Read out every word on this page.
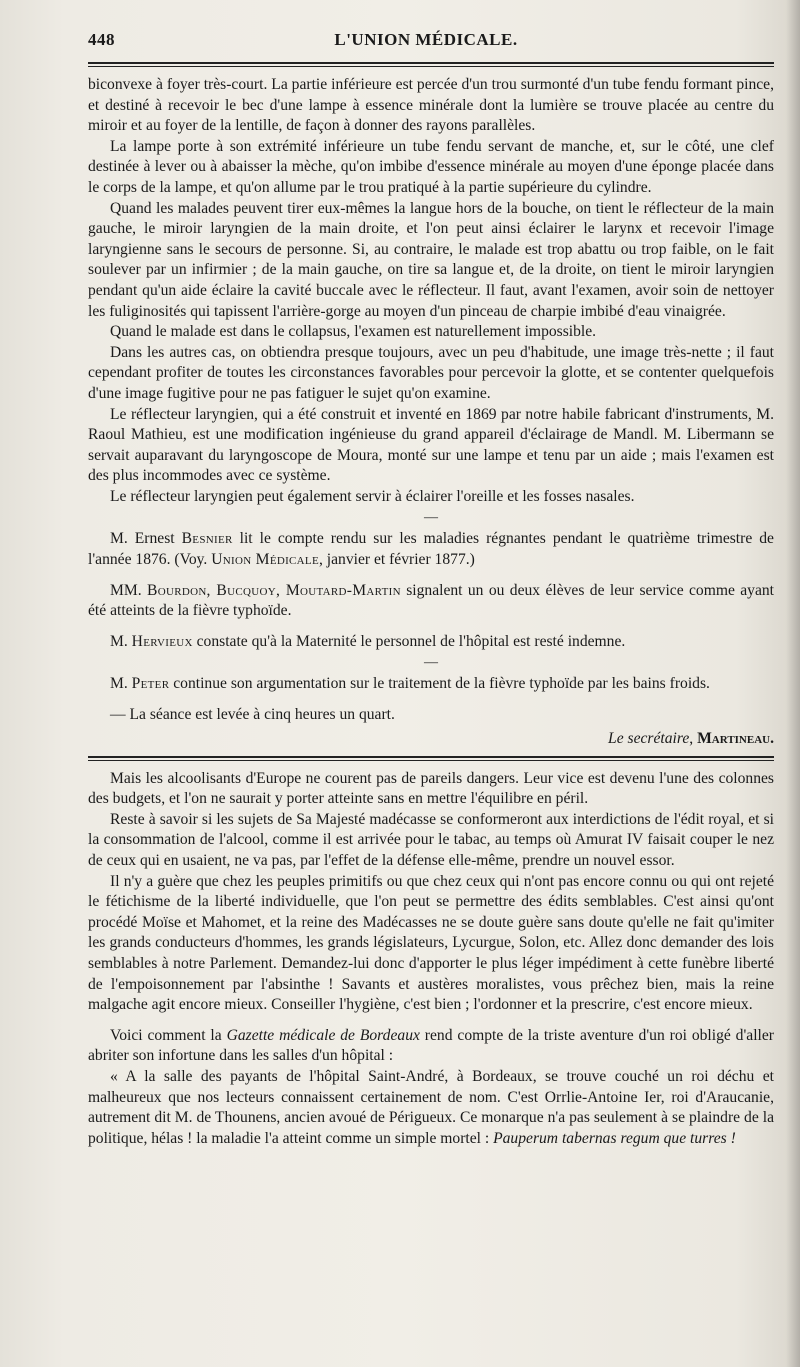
448	L'UNION MÉDICALE.

biconvexe à foyer très-court. La partie inférieure est percée d'un trou surmonté d'un tube fendu formant pince, et destiné à recevoir le bec d'une lampe à essence minérale dont la lumière se trouve placée au centre du miroir et au foyer de la lentille, de façon à donner des rayons parallèles.

La lampe porte à son extrémité inférieure un tube fendu servant de manche, et, sur le côté, une clef destinée à lever ou à abaisser la mèche, qu'on imbibe d'essence minérale au moyen d'une éponge placée dans le corps de la lampe, et qu'on allume par le trou pratiqué à la partie supérieure du cylindre.

Quand les malades peuvent tirer eux-mêmes la langue hors de la bouche, on tient le réflecteur de la main gauche, le miroir laryngien de la main droite, et l'on peut ainsi éclairer le larynx et recevoir l'image laryngienne sans le secours de personne. Si, au contraire, le malade est trop abattu ou trop faible, on le fait soulever par un infirmier ; de la main gauche, on tire sa langue et, de la droite, on tient le miroir laryngien pendant qu'un aide éclaire la cavité buccale avec le réflecteur. Il faut, avant l'examen, avoir soin de nettoyer les fuliginosités qui tapissent l'arrière-gorge au moyen d'un pinceau de charpie imbibé d'eau vinaigrée.

Quand le malade est dans le collapsus, l'examen est naturellement impossible.

Dans les autres cas, on obtiendra presque toujours, avec un peu d'habitude, une image très-nette ; il faut cependant profiter de toutes les circonstances favorables pour percevoir la glotte, et se contenter quelquefois d'une image fugitive pour ne pas fatiguer le sujet qu'on examine.

Le réflecteur laryngien, qui a été construit et inventé en 1869 par notre habile fabricant d'instruments, M. Raoul Mathieu, est une modification ingénieuse du grand appareil d'éclairage de Mandl. M. Libermann se servait auparavant du laryngoscope de Moura, monté sur une lampe et tenu par un aide ; mais l'examen est des plus incommodes avec ce système.

Le réflecteur laryngien peut également servir à éclairer l'oreille et les fosses nasales.

—

M. Ernest Besnier lit le compte rendu sur les maladies régnantes pendant le quatrième trimestre de l'année 1876. (Voy. Union Médicale, janvier et février 1877.)

MM. Bourdon, Bucquoy, Moutard-Martin signalent un ou deux élèves de leur service comme ayant été atteints de la fièvre typhoïde.

M. Hervieux constate qu'à la Maternité le personnel de l'hôpital est resté indemne.

—

M. Peter continue son argumentation sur le traitement de la fièvre typhoïde par les bains froids.

— La séance est levée à cinq heures un quart.

Le secrétaire, Martineau.

Mais les alcoolisants d'Europe ne courent pas de pareils dangers. Leur vice est devenu l'une des colonnes des budgets, et l'on ne saurait y porter atteinte sans en mettre l'équilibre en péril.

Reste à savoir si les sujets de Sa Majesté madécasse se conformeront aux interdictions de l'édit royal, et si la consommation de l'alcool, comme il est arrivée pour le tabac, au temps où Amurat IV faisait couper le nez de ceux qui en usaient, ne va pas, par l'effet de la défense elle-même, prendre un nouvel essor.

Il n'y a guère que chez les peuples primitifs ou que chez ceux qui n'ont pas encore connu ou qui ont rejeté le fétichisme de la liberté individuelle, que l'on peut se permettre des édits semblables. C'est ainsi qu'ont procédé Moïse et Mahomet, et la reine des Madécasses ne se doute guère sans doute qu'elle ne fait qu'imiter les grands conducteurs d'hommes, les grands législateurs, Lycurgue, Solon, etc. Allez donc demander des lois semblables à notre Parlement. Demandez-lui donc d'apporter le plus léger impédiment à cette funèbre liberté de l'empoisonnement par l'absinthe ! Savants et austères moralistes, vous prêchez bien, mais la reine malgache agit encore mieux. Conseiller l'hygiène, c'est bien ; l'ordonner et la prescrire, c'est encore mieux.

Voici comment la Gazette médicale de Bordeaux rend compte de la triste aventure d'un roi obligé d'aller abriter son infortune dans les salles d'un hôpital :

« A la salle des payants de l'hôpital Saint-André, à Bordeaux, se trouve couché un roi déchu et malheureux que nos lecteurs connaissent certainement de nom. C'est Orrlie-Antoine Ier, roi d'Araucanie, autrement dit M. de Thounens, ancien avoué de Périgueux. Ce monarque n'a pas seulement à se plaindre de la politique, hélas ! la maladie l'a atteint comme un simple mortel : Pauperum tabernas regum que turres !
